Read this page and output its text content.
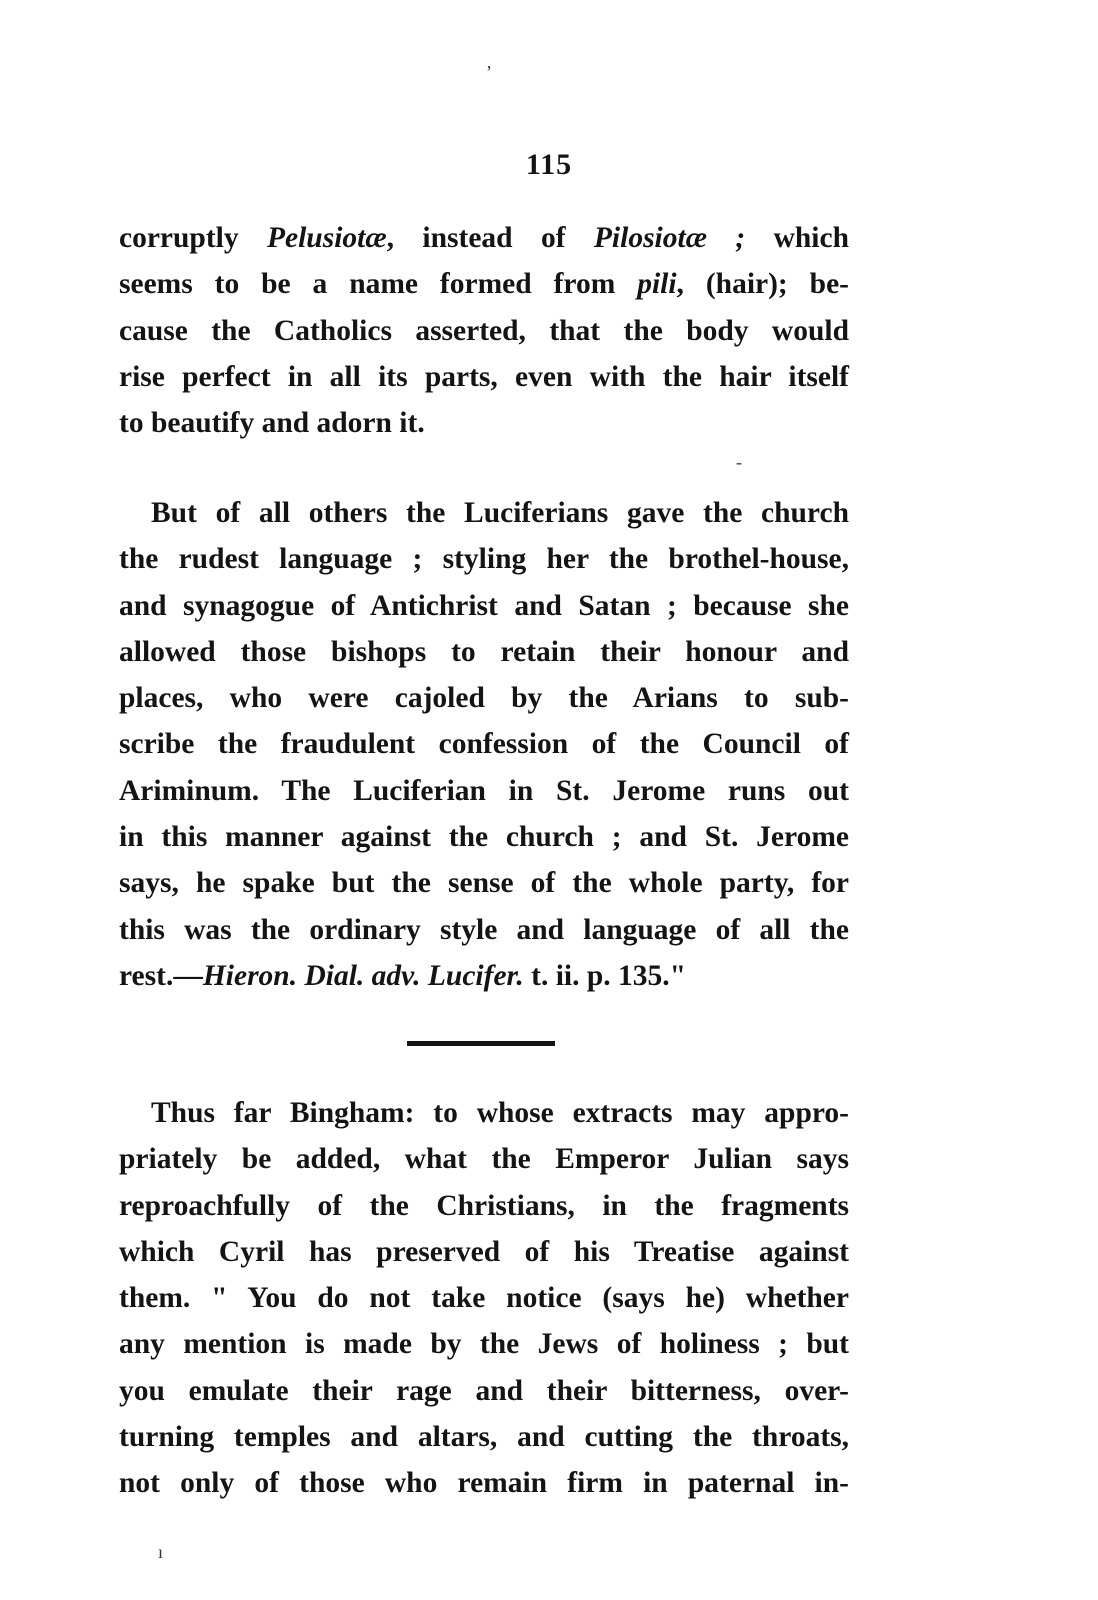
‚
-
ı
115
corruptly Pelusiotæ, instead of Pilosiotæ ; which
seems to be a name formed from pili, (hair); be-
cause the Catholics asserted, that the body would
rise perfect in all its parts, even with the hair itself
to beautify and adorn it.
But of all others the Luciferians gave the church
the rudest language ; styling her the brothel-house,
and synagogue of Antichrist and Satan ; because she
allowed those bishops to retain their honour and
places, who were cajoled by the Arians to sub-
scribe the fraudulent confession of the Council of
Ariminum. The Luciferian in St. Jerome runs out
in this manner against the church ; and St. Jerome
says, he spake but the sense of the whole party, for
this was the ordinary style and language of all the
rest.—Hieron. Dial. adv. Lucifer. t. ii. p. 135."
Thus far Bingham: to whose extracts may appro-
priately be added, what the Emperor Julian says
reproachfully of the Christians, in the fragments
which Cyril has preserved of his Treatise against
them. " You do not take notice (says he) whether
any mention is made by the Jews of holiness ; but
you emulate their rage and their bitterness, over-
turning temples and altars, and cutting the throats,
not only of those who remain firm in paternal in-
